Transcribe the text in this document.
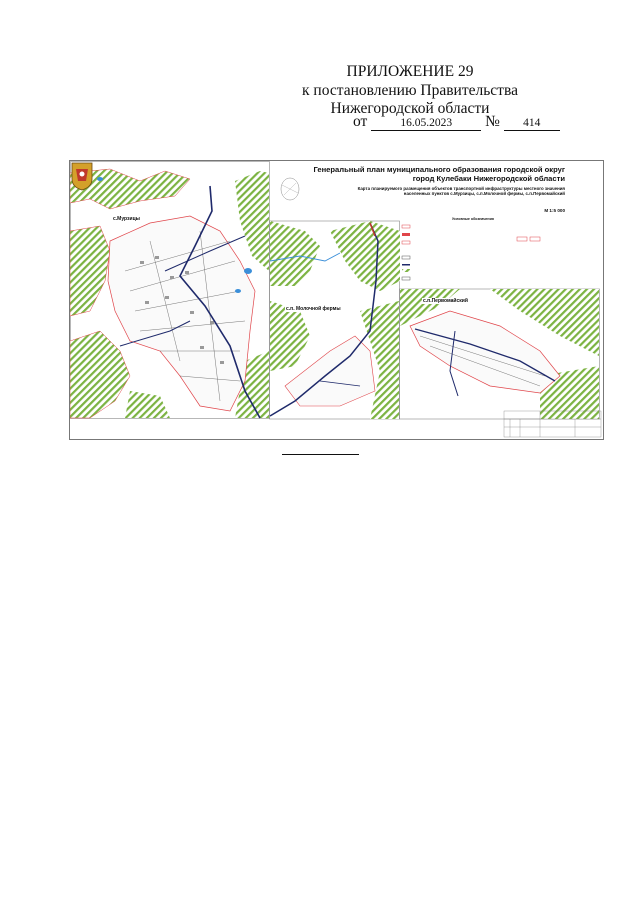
ПРИЛОЖЕНИЕ 29
к постановлению Правительства
Нижегородской области
от	16.05.2023 № 414
Генеральный план муниципального образования городской округ город Кулебаки Нижегородской области
Карта планируемого размещения объектов транспортной инфраструктуры местного значения населенных пунктов с.Мурзицы, с.п.Молочной фермы, с.п.Первомайский
М 1:5 000
с.Мурзицы
с.п. Молочной фермы
с.п.Первомайский
Условные обозначения
